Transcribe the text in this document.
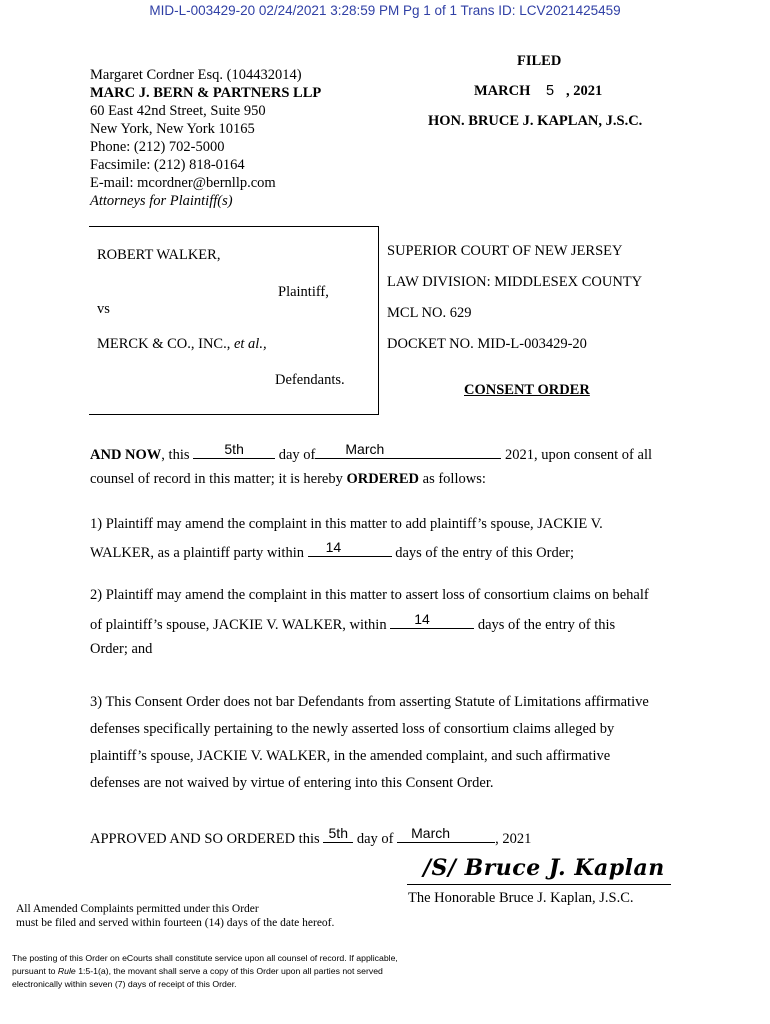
MID-L-003429-20 02/24/2021 3:28:59 PM Pg 1 of 1 Trans ID: LCV2021425459
FILED
MARCH 5 , 2021
HON. BRUCE J. KAPLAN, J.S.C.
Margaret Cordner Esq. (104432014)
MARC J. BERN & PARTNERS LLP
60 East 42nd Street, Suite 950
New York, New York 10165
Phone: (212) 702-5000
Facsimile: (212) 818-0164
E-mail: mcordner@bernllp.com
Attorneys for Plaintiff(s)
ROBERT WALKER,
Plaintiff,
vs
MERCK & CO., INC., et al.,
Defendants.
SUPERIOR COURT OF NEW JERSEY
LAW DIVISION: MIDDLESEX COUNTY
MCL NO. 629
DOCKET NO. MID-L-003429-20
CONSENT ORDER
AND NOW, this	5th	day of	March	2021, upon consent of all
counsel of record in this matter; it is hereby ORDERED as follows:
1) Plaintiff may amend the complaint in this matter to add plaintiff’s spouse, JACKIE V.
WALKER, as a plaintiff party within	14	days of the entry of this Order;
2) Plaintiff may amend the complaint in this matter to assert loss of consortium claims on behalf
of plaintiff’s spouse, JACKIE V. WALKER, within	14	days of the entry of this
Order; and
3) This Consent Order does not bar Defendants from asserting Statute of Limitations affirmative
defenses specifically pertaining to the newly asserted loss of consortium claims alleged by
plaintiff’s spouse, JACKIE V. WALKER, in the amended complaint, and such affirmative
defenses are not waived by virtue of entering into this Consent Order.
APPROVED AND SO ORDERED this 5th day of	March	, 2021
/S/ Bruce J. Kaplan
The Honorable Bruce J. Kaplan, J.S.C.
All Amended Complaints permitted under this Order
must be filed and served within fourteen (14) days of the date hereof.
The posting of this Order on eCourts shall constitute service upon all counsel of record. If applicable,
pursuant to Rule 1:5-1(a), the movant shall serve a copy of this Order upon all parties not served
electronically within seven (7) days of receipt of this Order.
